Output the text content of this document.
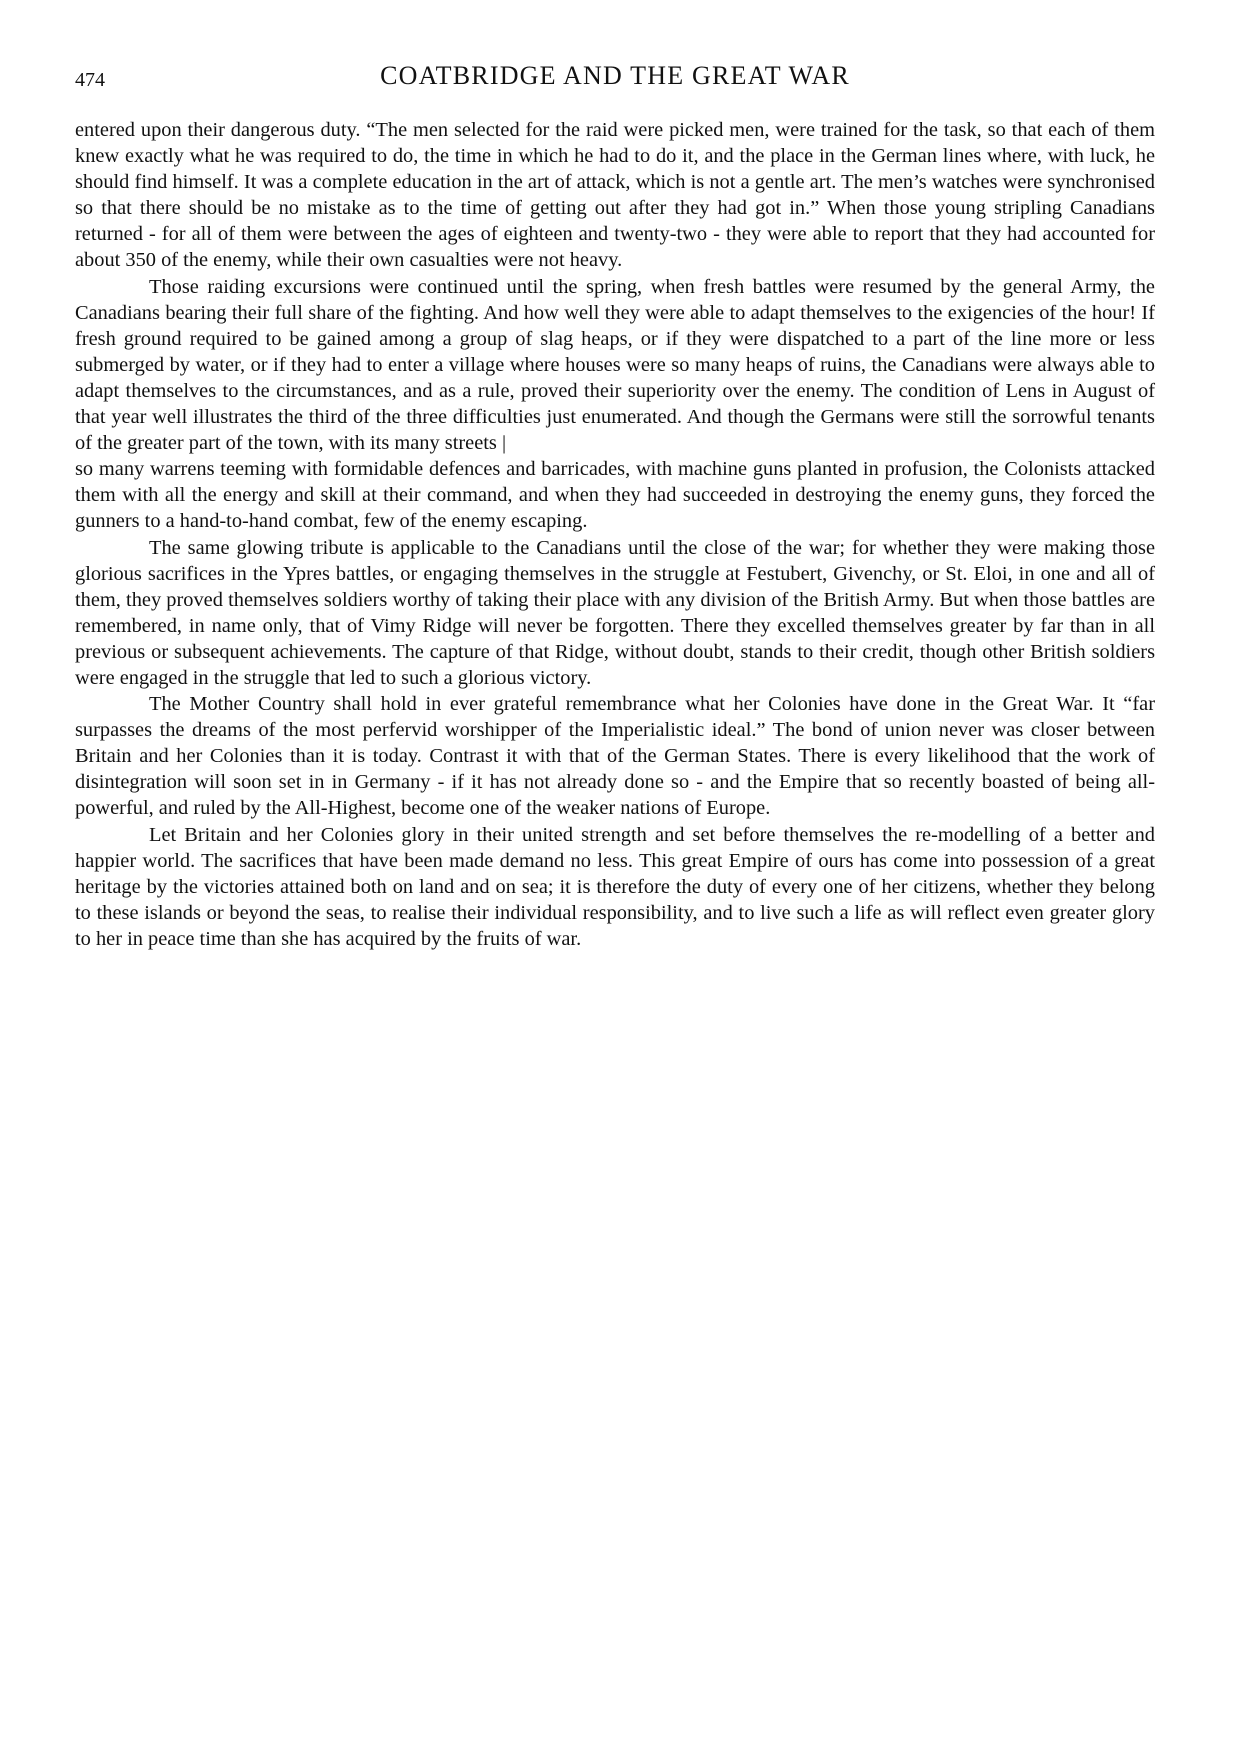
474	COATBRIDGE AND THE GREAT WAR

entered upon their dangerous duty. “The men selected for the raid were picked men, were trained for the task, so that each of them knew exactly what he was required to do, the time in which he had to do it, and the place in the German lines where, with luck, he should find himself. It was a complete education in the art of attack, which is not a gentle art. The men’s watches were synchronised so that there should be no mistake as to the time of getting out after they had got in.” When those young stripling Canadians returned - for all of them were between the ages of eighteen and twenty-two - they were able to report that they had accounted for about 350 of the enemy, while their own casualties were not heavy.

Those raiding excursions were continued until the spring, when fresh battles were resumed by the general Army, the Canadians bearing their full share of the fighting. And how well they were able to adapt themselves to the exigencies of the hour! If fresh ground required to be gained among a group of slag heaps, or if they were dispatched to a part of the line more or less submerged by water, or if they had to enter a village where houses were so many heaps of ruins, the Canadians were always able to adapt themselves to the circumstances, and as a rule, proved their superiority over the enemy. The condition of Lens in August of that year well illustrates the third of the three difficulties just enumerated. And though the Germans were still the sorrowful tenants of the greater part of the town, with its many streets |

so many warrens teeming with formidable defences and barricades, with machine guns planted in profusion, the Colonists attacked them with all the energy and skill at their command, and when they had succeeded in destroying the enemy guns, they forced the gunners to a hand-to-hand combat, few of the enemy escaping.

The same glowing tribute is applicable to the Canadians until the close of the war; for whether they were making those glorious sacrifices in the Ypres battles, or engaging themselves in the struggle at Festubert, Givenchy, or St. Eloi, in one and all of them, they proved themselves soldiers worthy of taking their place with any division of the British Army. But when those battles are remembered, in name only, that of Vimy Ridge will never be forgotten. There they excelled themselves greater by far than in all previous or subsequent achievements. The capture of that Ridge, without doubt, stands to their credit, though other British soldiers were engaged in the struggle that led to such a glorious victory.

The Mother Country shall hold in ever grateful remembrance what her Colonies have done in the Great War. It “far surpasses the dreams of the most perfervid worshipper of the Imperialistic ideal.” The bond of union never was closer between Britain and her Colonies than it is today. Contrast it with that of the German States. There is every likelihood that the work of disintegration will soon set in in Germany - if it has not already done so - and the Empire that so recently boasted of being all-powerful, and ruled by the All-Highest, become one of the weaker nations of Europe.

Let Britain and her Colonies glory in their united strength and set before themselves the re-modelling of a better and happier world. The sacrifices that have been made demand no less. This great Empire of ours has come into possession of a great heritage by the victories attained both on land and on sea; it is therefore the duty of every one of her citizens, whether they belong to these islands or beyond the seas, to realise their individual responsibility, and to live such a life as will reflect even greater glory to her in peace time than she has acquired by the fruits of war.
